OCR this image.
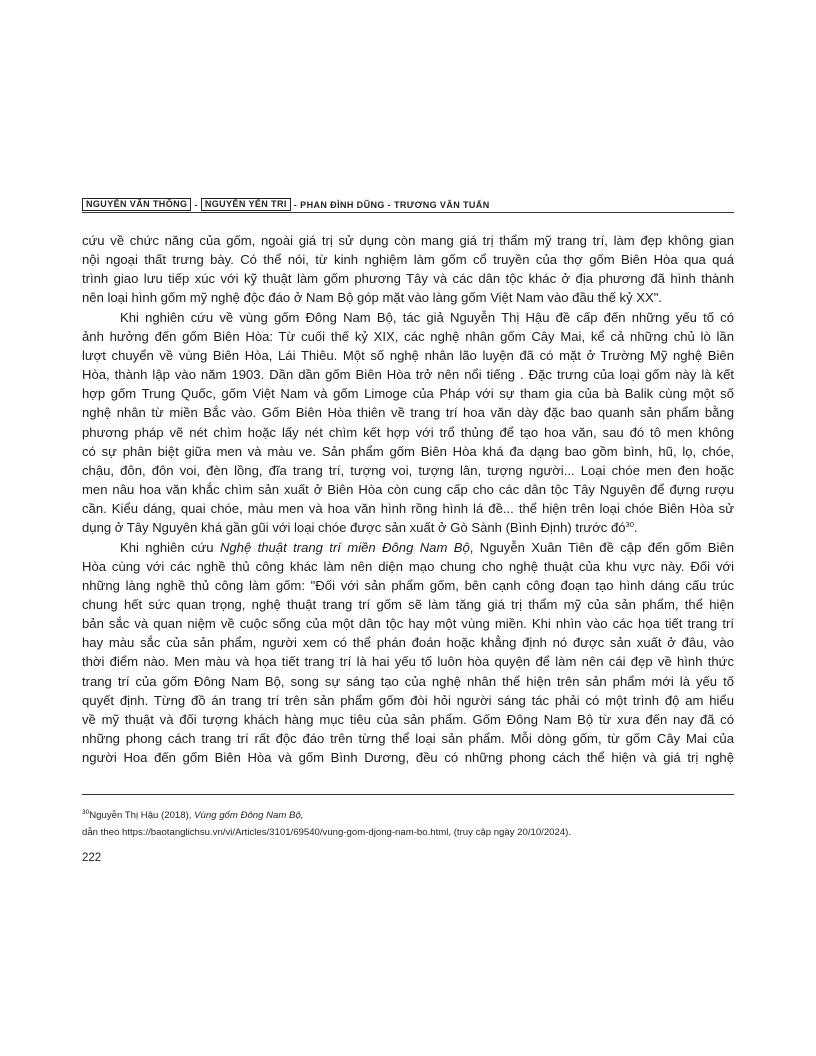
NGUYỄN VĂN THÔNG - NGUYỄN YẾN TRI - PHAN ĐÌNH DŨNG - TRƯƠNG VĂN TUẤN
cứu về chức năng của gốm, ngoài giá trị sử dụng còn mang giá trị thẩm mỹ trang trí, làm đẹp không gian
nội ngoại thất trưng bày. Có thể nói, từ kinh nghiệm làm gốm cổ truyền của thợ gốm Biên Hòa qua quá
trình giao lưu tiếp xúc với kỹ thuật làm gốm phương Tây và các dân tộc khác ở địa phương đã hình thành
nên loại hình gốm mỹ nghệ độc đáo ở Nam Bộ góp mặt vào làng gốm Việt Nam vào đầu thế kỷ XX".
Khi nghiên cứu về vùng gốm Đông Nam Bộ, tác giả Nguyễn Thị Hậu đề cấp đến những yếu tố có
ảnh hưởng đến gốm Biên Hòa: Từ cuối thế kỷ XIX, các nghệ nhân gốm Cây Mai, kể cả những chủ lò lần
lượt chuyển về vùng Biên Hòa, Lái Thiêu. Một số nghệ nhân lão luyện đã có mặt ở Trường Mỹ nghệ Biên
Hòa, thành lập vào năm 1903. Dần dần gốm Biên Hòa trở nên nổi tiếng . Đặc trưng của loại gốm này là kết
hợp gốm Trung Quốc, gốm Việt Nam và gốm Limoge của Pháp với sự tham gia của bà Balik cùng một số
nghệ nhân từ miền Bắc vào. Gốm Biên Hòa thiên về trang trí hoa văn dày đặc bao quanh sản phẩm bằng
phương pháp vẽ nét chìm hoặc lấy nét chìm kết hợp với trổ thủng để tạo hoa văn, sau đó tô men không
có sự phân biệt giữa men và màu ve. Sản phẩm gốm Biên Hòa khá đa dạng bao gồm bình, hũ, lọ, chóe,
chậu, đôn, đôn voi, đèn lồng, đĩa trang trí, tượng voi, tượng lân, tượng người... Loại chóe men đen hoặc
men nâu hoa văn khắc chìm sản xuất ở Biên Hòa còn cung cấp cho các dân tộc Tây Nguyên để đựng rượu
cần. Kiểu dáng, quai chóe, màu men và hoa văn hình rồng hình lá đề... thể hiện trên loại chóe Biên Hòa sử
dụng ở Tây Nguyên khá gần gũi với loại chóe được sản xuất ở Gò Sành (Bình Định) trước $đó^{30}$.
Khi nghiên cứu Nghệ thuật trang trí miền Đông Nam Bộ, Nguyễn Xuân Tiên đề cập đến gốm Biên
Hòa cùng với các nghề thủ công khác làm nên diện mạo chung cho nghệ thuật của khu vực này. Đối với
những làng nghề thủ công làm gốm: "Đối với sản phẩm gốm, bên cạnh công đoạn tạo hình dáng cấu trúc
chung hết sức quan trọng, nghệ thuật trang trí gốm sẽ làm tăng giá trị thẩm mỹ của sản phẩm, thể hiện
bản sắc và quan niệm về cuộc sống của một dân tộc hay một vùng miền. Khi nhìn vào các họa tiết trang trí
hay màu sắc của sản phẩm, người xem có thể phán đoán hoặc khẳng định nó được sản xuất ở đâu, vào
thời điểm nào. Men màu và họa tiết trang trí là hai yếu tố luôn hòa quyện để làm nên cái đẹp về hình thức
trang trí của gốm Đông Nam Bộ, song sự sáng tạo của nghệ nhân thể hiện trên sản phẩm mới là yếu tố
quyết định. Từng đồ án trang trí trên sản phẩm gốm đòi hỏi người sáng tác phải có một trình độ am hiểu
về mỹ thuật và đối tượng khách hàng mục tiêu của sản phẩm. Gốm Đông Nam Bộ từ xưa đến nay đã có
những phong cách trang trí rất độc đáo trên từng thể loại sản phẩm. Mỗi dòng gốm, từ gốm Cây Mai của
người Hoa đến gốm Biên Hòa và gốm Bình Dương, đều có những phong cách thể hiện và giá trị nghệ
$^{30}$Nguyễn Thị Hậu (2018), Vùng gốm Đông Nam Bộ,
dẫn theo https://baotanglichsu.vn/vi/Articles/3101/69540/vung-gom-djong-nam-bo.html, (truy cập ngày 20/10/2024).
222
